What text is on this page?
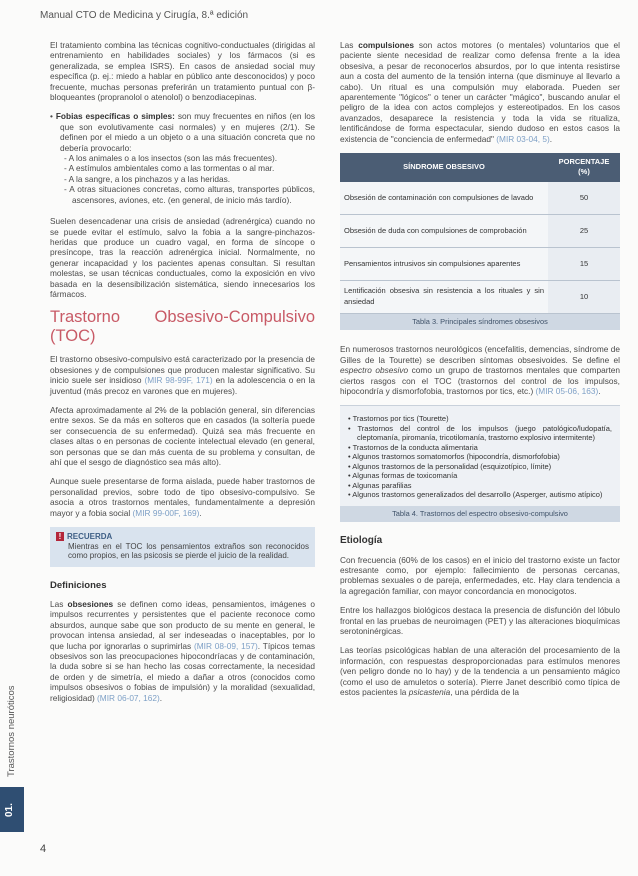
Manual CTO de Medicina y Cirugía, 8.ª edición

El tratamiento combina las técnicas cognitivo-conductuales (dirigidas al entrenamiento en habilidades sociales) y los fármacos (si es generalizada, se emplea ISRS). En casos de ansiedad social muy específica (p. ej.: miedo a hablar en público ante desconocidos) y poco frecuente, muchas personas preferirán un tratamiento puntual con β-bloqueantes (propranolol o atenolol) o benzodiacepinas.

• Fobias específicas o simples: son muy frecuentes en niños (en los que son evolutivamente casi normales) y en mujeres (2/1). Se definen por el miedo a un objeto o a una situación concreta que no debería provocarlo:

- A los animales o a los insectos (son las más frecuentes).
- A estímulos ambientales como a las tormentas o al mar.
- A la sangre, a los pinchazos y a las heridas.
- A otras situaciones concretas, como alturas, transportes públicos, ascensores, aviones, etc. (en general, de inicio más tardío).

Suelen desencadenar una crisis de ansiedad (adrenérgica) cuando no se puede evitar el estímulo, salvo la fobia a la sangre-pinchazos-heridas que produce un cuadro vagal, en forma de síncope o presíncope, tras la reacción adrenérgica inicial. Normalmente, no generar incapacidad y los pacientes apenas consultan. Si resultan molestas, se usan técnicas conductuales, como la exposición en vivo basada en la desensibilización sistemática, siendo innecesarios los fármacos.

Trastorno Obsesivo-Compulsivo (TOC)

El trastorno obsesivo-compulsivo está caracterizado por la presencia de obsesiones y de compulsiones que producen malestar significativo. Su inicio suele ser insidioso (MIR 98-99F, 171) en la adolescencia o en la juventud (más precoz en varones que en mujeres).

Afecta aproximadamente al 2% de la población general, sin diferencias entre sexos. Se da más en solteros que en casados (la soltería puede ser consecuencia de su enfermedad). Quizá sea más frecuente en clases altas o en personas de cociente intelectual elevado (en general, son personas que se dan más cuenta de su problema y consultan, de ahí que el sesgo de diagnóstico sea más alto).

Aunque suele presentarse de forma aislada, puede haber trastornos de personalidad previos, sobre todo de tipo obsesivo-compulsivo. Se asocia a otros trastornos mentales, fundamentalmente a depresión mayor y a fobia social (MIR 99-00F, 169).

! RECUERDA
Mientras en el TOC los pensamientos extraños son reconocidos como propios, en las psicosis se pierde el juicio de la realidad.
Definiciones

Las obsesiones se definen como ideas, pensamientos, imágenes o impulsos recurrentes y persistentes que el paciente reconoce como absurdos, aunque sabe que son producto de su mente en general, le provocan intensa ansiedad, al ser indeseadas o inaceptables, por lo que lucha por ignorarlas o suprimirlas (MIR 08-09, 157). Típicos temas obsesivos son las preocupaciones hipocondríacas y de contaminación, la duda sobre si se han hecho las cosas correctamente, la necesidad de orden y de simetría, el miedo a dañar a otros (conocidos como impulsos obsesivos o fobias de impulsión) y la moralidad (sexualidad, religiosidad) (MIR 06-07, 162).

Las compulsiones son actos motores (o mentales) voluntarios que el paciente siente necesidad de realizar como defensa frente a la idea obsesiva, a pesar de reconocerlos absurdos, por lo que intenta resistirse aun a costa del aumento de la tensión interna (que disminuye al llevarlo a cabo). Un ritual es una compulsión muy elaborada. Pueden ser aparentemente "lógicos" o tener un carácter "mágico", buscando anular el peligro de la idea con actos complejos y estereotipados. En los casos avanzados, desaparece la resistencia y toda la vida se ritualiza, lentificándose de forma espectacular, siendo dudoso en estos casos la existencia de "conciencia de enfermedad" (MIR 03-04, 5).

SÍNDROME OBSESIVO	PORCENTAJE (%)
Obsesión de contaminación con compulsiones de lavado	50
Obsesión de duda con compulsiones de comprobación	25
Pensamientos intrusivos sin compulsiones aparentes	15
Lentificación obsesiva sin resistencia a los rituales y sin ansiedad	10
Tabla 3. Principales síndromes obsesivos

En numerosos trastornos neurológicos (encefalitis, demencias, síndrome de Gilles de la Tourette) se describen síntomas obsesivoides. Se define el espectro obsesivo como un grupo de trastornos mentales que comparten ciertos rasgos con el TOC (trastornos del control de los impulsos, hipocondría y dismorfofobia, trastornos por tics, etc.) (MIR 05-06, 163).

• Trastornos por tics (Tourette)
• Trastornos del control de los impulsos (juego patológico/ludopatía, cleptomanía, piromanía, tricotilomanía, trastorno explosivo intermitente)
• Trastornos de la conducta alimentaria
• Algunos trastornos somatomorfos (hipocondría, dismorfofobia)
• Algunos trastornos de la personalidad (esquizotípico, límite)
• Algunas formas de toxicomanía
• Algunas parafilias
• Algunos trastornos generalizados del desarrollo (Asperger, autismo atípico)
Tabla 4. Trastornos del espectro obsesivo-compulsivo
Etiología

Con frecuencia (60% de los casos) en el inicio del trastorno existe un factor estresante como, por ejemplo: fallecimiento de personas cercanas, problemas sexuales o de pareja, enfermedades, etc. Hay clara tendencia a la agregación familiar, con mayor concordancia en monocigotos.

Entre los hallazgos biológicos destaca la presencia de disfunción del lóbulo frontal en las pruebas de neuroimagen (PET) y las alteraciones bioquímicas serotoninérgicas.

Las teorías psicológicas hablan de una alteración del procesamiento de la información, con respuestas desproporcionadas para estímulos menores (ven peligro donde no lo hay) y de la tendencia a un pensamiento mágico (como el uso de amuletos o sotería). Pierre Janet describió como típica de estos pacientes la psicastenia, una pérdida de la

Trastornos neuróticos
01.
4
